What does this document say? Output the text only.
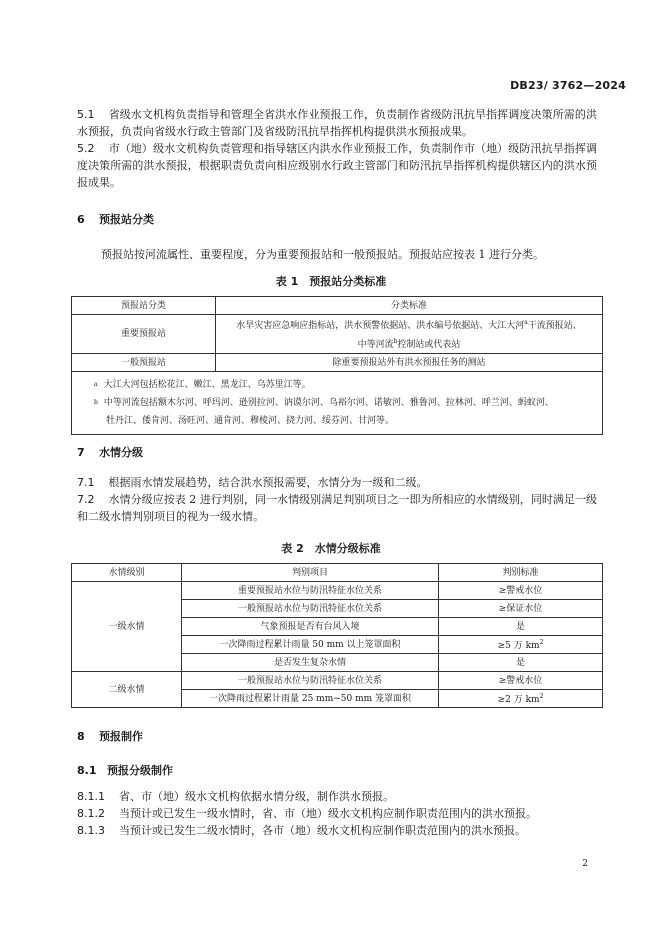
DB23/ 3762—2024

5.1 省级水文机构负责指导和管理全省洪水作业预报工作，负责制作省级防汛抗旱指挥调度决策所需的洪水预报，负责向省级水行政主管部门及省级防汛抗旱指挥机构提供洪水预报成果。

5.2 市（地）级水文机构负责管理和指导辖区内洪水作业预报工作，负责制作市（地）级防汛抗旱指挥调度决策所需的洪水预报，根据职责负责向相应级别水行政主管部门和防汛抗旱指挥机构提供辖区内的洪水预报成果。

6 预报站分类
预报站按河流属性、重要程度，分为重要预报站和一般预报站。预报站应按表 1 进行分类。
表 1　预报站分类标准
预报站分类	分类标准
重要预报站	水旱灾害应急响应指标站，洪水预警依据站、洪水编号依据站、大江大河$^a$干流预报站、
中等河流$^b$控制站或代表站
一般预报站	除重要预报站外有洪水预报任务的测站

$^a$ 大江大河包括松花江、嫩江、黑龙江、乌苏里江等。
$^b$ 中等河流包括额木尔河、呼玛河、逊别拉河、讷谟尔河、乌裕尔河、诺敏河、雅鲁河、拉林河、呼兰河、蚂蚁河、
牡丹江、倭肯河、汤旺河、通肯河、穆棱河、挠力河、绥芬河、甘河等。	
7 水情分级

7.1 根据雨水情发展趋势，结合洪水预报需要，水情分为一级和二级。

7.2 水情分级应按表 2 进行判别，同一水情级别满足判别项目之一即为所相应的水情级别，同时满足一级和二级水情判别项目的视为一级水情。

表 2　水情分级标准
水情级别	判别项目	判别标准
一级水情	重要预报站水位与防汛特征水位关系	≥警戒水位
	一般预报站水位与防汛特征水位关系	≥保证水位
	气象预报是否有台风入境	是
	一次降雨过程累计雨量 50 mm 以上笼罩面积	≥5 万 $km^2$
	是否发生复杂水情	是
二级水情	一般预报站水位与防汛特征水位关系	≥警戒水位
	一次降雨过程累计雨量 25 mm~50 mm 笼罩面积	≥2 万 $km^2$
8 预报制作
8.1 预报分级制作
8.1.1 省、市（地）级水文机构依据水情分级，制作洪水预报。
8.1.2 当预计或已发生一级水情时，省、市（地）级水文机构应制作职责范围内的洪水预报。
8.1.3 当预计或已发生二级水情时，各市（地）级水文机构应制作职责范围内的洪水预报。
2
